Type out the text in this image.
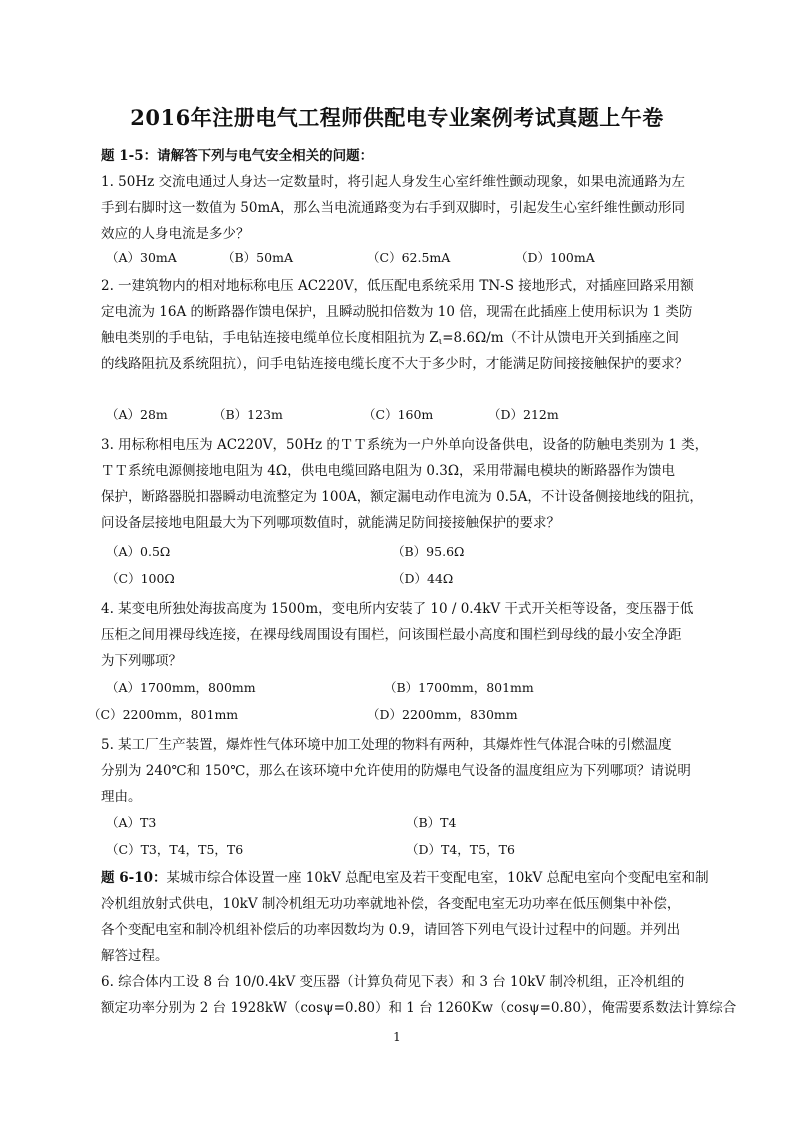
2016年注册电气工程师供配电专业案例考试真题上午卷
题 1-5：请解答下列与电气安全相关的问题：
1. 50Hz 交流电通过人身达一定数量时，将引起人身发生心室纤维性颤动现象，如果电流通路为左
手到右脚时这一数值为 50mA，那么当电流通路变为右手到双脚时，引起发生心室纤维性颤动形同
效应的人身电流是多少？
（A）30mA	（B）50mA	（C）62.5mA	（D）100mA
2. 一建筑物内的相对地标称电压 AC220V，低压配电系统采用 TN-S 接地形式，对插座回路采用额
定电流为 16A 的断路器作馈电保护，且瞬动脱扣倍数为 10 倍，现需在此插座上使用标识为 1 类防
触电类别的手电钻，手电钻连接电缆单位长度相阻抗为 $Z_\iota=8.6\Omega/m$（不计从馈电开关到插座之间
的线路阻抗及系统阻抗），问手电钻连接电缆长度不大于多少时，才能满足防间接接触保护的要求？
（A）28m	（B）123m	（C）160m	（D）212m
3. 用标称相电压为 AC220V，50Hz 的ＴＴ系统为一户外单向设备供电，设备的防触电类别为 1 类，
ＴＴ系统电源侧接地电阻为 4Ω，供电电缆回路电阻为 0.3Ω，采用带漏电模块的断路器作为馈电
保护，断路器脱扣器瞬动电流整定为 100A，额定漏电动作电流为 0.5A，不计设备侧接地线的阻抗，
问设备层接地电阻最大为下列哪项数值时，就能满足防间接接触保护的要求？
（A）0.5Ω	（B）95.6Ω
（C）100Ω	（D）44Ω
4. 某变电所独处海拔高度为 1500m，变电所内安装了 10 / 0.4kV 干式开关柜等设备，变压器于低
压柜之间用裸母线连接，在裸母线周围设有围栏，问该围栏最小高度和围栏到母线的最小安全净距
为下列哪项？
（A）1700mm，800mm	（B）1700mm，801mm
（C）2200mm，801mm	（D）2200mm，830mm
5. 某工厂生产装置，爆炸性气体环境中加工处理的物料有两种，其爆炸性气体混合味的引燃温度
分别为 240℃和 150℃，那么在该环境中允许使用的防爆电气设备的温度组应为下列哪项？请说明
理由。
（A）T3	（B）T4
（C）T3，T4，T5，T6	（D）T4，T5，T6
题 6-10：某城市综合体设置一座 10kV 总配电室及若干变配电室，10kV 总配电室向个变配电室和制
冷机组放射式供电，10kV 制冷机组无功功率就地补偿，各变配电室无功功率在低压侧集中补偿，
各个变配电室和制冷机组补偿后的功率因数均为 0.9，请回答下列电气设计过程中的问题。并列出
解答过程。
6. 综合体内工设 8 台 10/0.4kV 变压器（计算负荷见下表）和 3 台 10kV 制冷机组，正冷机组的
额定功率分别为 2 台 1928kW（cosψ=0.80）和 1 台 1260Kw（cosψ=0.80），俺需要系数法计算综合
1
